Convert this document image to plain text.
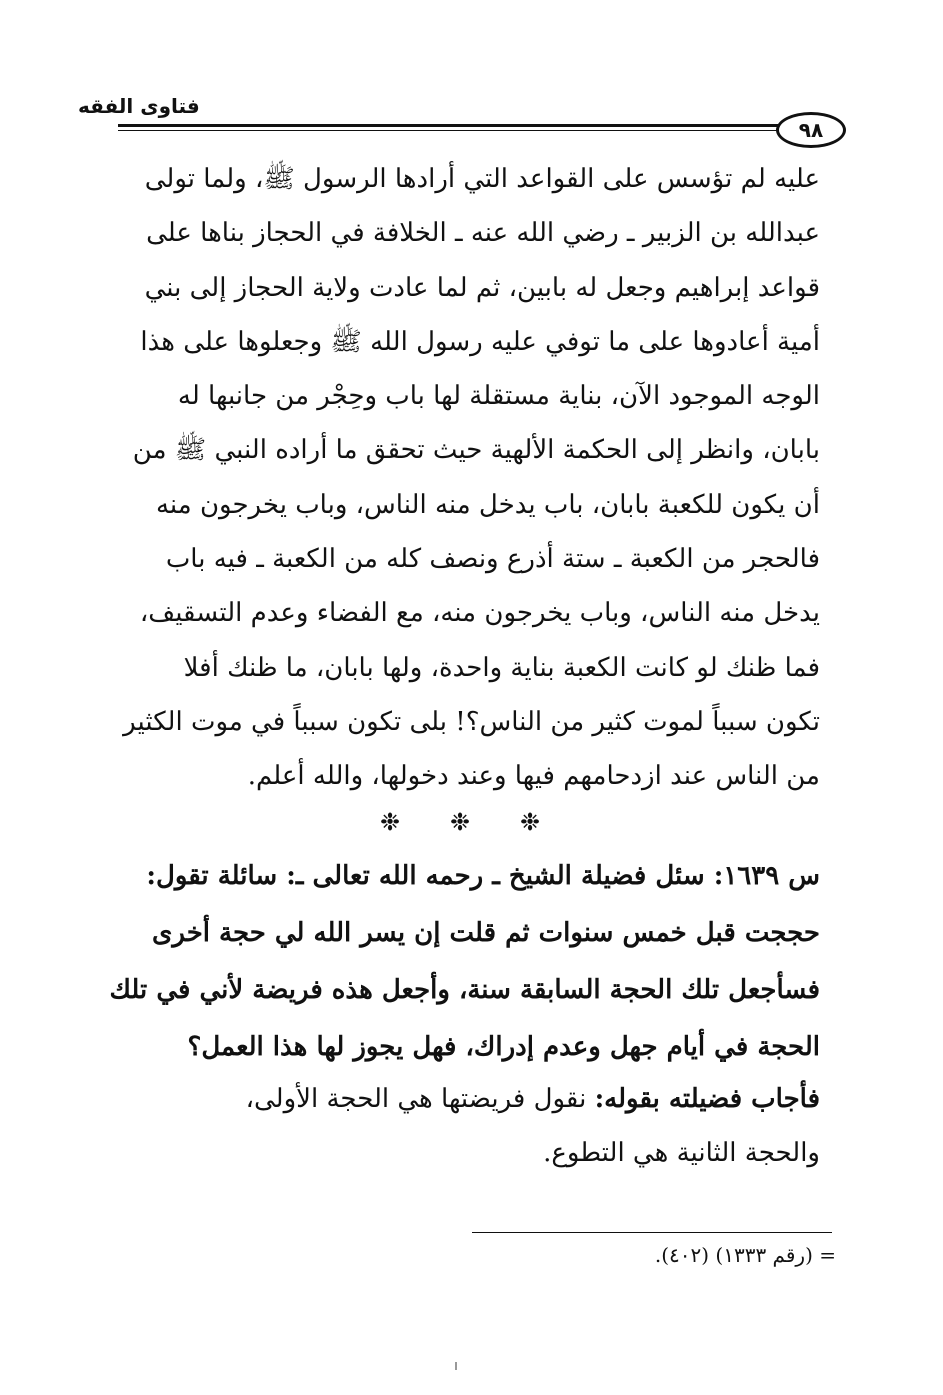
فتاوى الفقه
٩٨
عليه لم تؤسس على القواعد التي أرادها الرسول ﷺ، ولما تولى
عبدالله بن الزبير ـ رضي الله عنه ـ الخلافة في الحجاز بناها على
قواعد إبراهيم وجعل له بابين، ثم لما عادت ولاية الحجاز إلى بني
أمية أعادوها على ما توفي عليه رسول الله ﷺ وجعلوها على هذا
الوجه الموجود الآن، بناية مستقلة لها باب وحِجْر من جانبها له
بابان، وانظر إلى الحكمة الألهية حيث تحقق ما أراده النبي ﷺ من
أن يكون للكعبة بابان، باب يدخل منه الناس، وباب يخرجون منه
فالحجر من الكعبة ـ ستة أذرع ونصف كله من الكعبة ـ فيه باب
يدخل منه الناس، وباب يخرجون منه، مع الفضاء وعدم التسقيف،
فما ظنك لو كانت الكعبة بناية واحدة، ولها بابان، ما ظنك أفلا
تكون سبباً لموت كثير من الناس؟! بلى تكون سبباً في موت الكثير
من الناس عند ازدحامهم فيها وعند دخولها، والله أعلم.
❉ ❉ ❉
س ١٦٣٩: سئل فضيلة الشيخ ـ رحمه الله تعالى ـ: سائلة تقول:
حججت قبل خمس سنوات ثم قلت إن يسر الله لي حجة أخرى
فسأجعل تلك الحجة السابقة سنة، وأجعل هذه فريضة لأني في تلك
الحجة في أيام جهل وعدم إدراك، فهل يجوز لها هذا العمل؟
فأجاب فضيلته بقوله: نقول فريضتها هي الحجة الأولى،
والحجة الثانية هي التطوع.
= (رقم ١٣٣٣) (٤٠٢).
